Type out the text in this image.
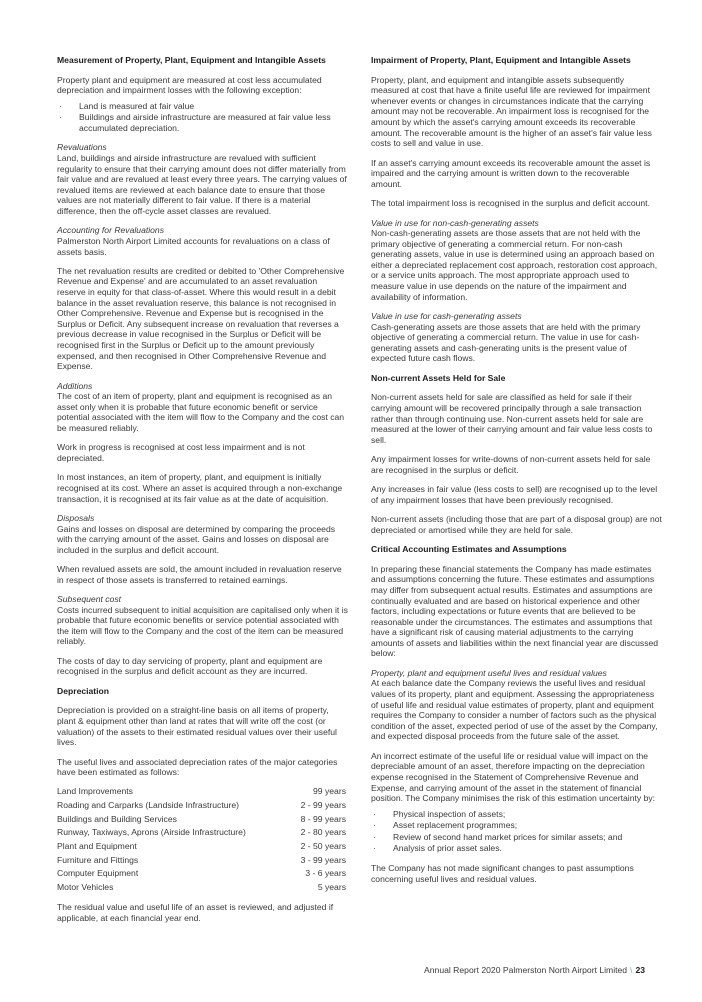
Measurement of Property, Plant, Equipment and Intangible Assets

Property plant and equipment are measured at cost less accumulated depreciation and impairment losses with the following exception:

· Land is measured at fair value
· Buildings and airside infrastructure are measured at fair value less accumulated depreciation.
Revaluations

Land, buildings and airside infrastructure are revalued with sufficient regularity to ensure that their carrying amount does not differ materially from fair value and are revalued at least every three years. The carrying values of revalued items are reviewed at each balance date to ensure that those values are not materially different to fair value. If there is a material difference, then the off-cycle asset classes are revalued.

Accounting for Revaluations

Palmerston North Airport Limited accounts for revaluations on a class of assets basis.

The net revaluation results are credited or debited to 'Other Comprehensive Revenue and Expense' and are accumulated to an asset revaluation reserve in equity for that class-of-asset. Where this would result in a debit balance in the asset revaluation reserve, this balance is not recognised in Other Comprehensive. Revenue and Expense but is recognised in the Surplus or Deficit. Any subsequent increase on revaluation that reverses a previous decrease in value recognised in the Surplus or Deficit will be recognised first in the Surplus or Deficit up to the amount previously expensed, and then recognised in Other Comprehensive Revenue and Expense.

Additions

The cost of an item of property, plant and equipment is recognised as an asset only when it is probable that future economic benefit or service potential associated with the item will flow to the Company and the cost can be measured reliably.

Work in progress is recognised at cost less impairment and is not depreciated.

In most instances, an item of property, plant, and equipment is initially recognised at its cost. Where an asset is acquired through a non-exchange transaction, it is recognised at its fair value as at the date of acquisition.

Disposals

Gains and losses on disposal are determined by comparing the proceeds with the carrying amount of the asset. Gains and losses on disposal are included in the surplus and deficit account.

When revalued assets are sold, the amount included in revaluation reserve in respect of those assets is transferred to retained earnings.

Subsequent cost

Costs incurred subsequent to initial acquisition are capitalised only when it is probable that future economic benefits or service potential associated with the item will flow to the Company and the cost of the item can be measured reliably.

The costs of day to day servicing of property, plant and equipment are recognised in the surplus and deficit account as they are incurred.

Depreciation

Depreciation is provided on a straight-line basis on all items of property, plant & equipment other than land at rates that will write off the cost (or valuation) of the assets to their estimated residual values over their useful lives.

The useful lives and associated depreciation rates of the major categories have been estimated as follows:

Land Improvements	99 years
Roading and Carparks (Landside Infrastructure)	2 - 99 years
Buildings and Building Services	8 - 99 years
Runway, Taxiways, Aprons (Airside Infrastructure)	2 - 80 years
Plant and Equipment	2 - 50 years
Furniture and Fittings	3 - 99 years
Computer Equipment	3 - 6 years
Motor Vehicles	5 years

The residual value and useful life of an asset is reviewed, and adjusted if applicable, at each financial year end.

Impairment of Property, Plant, Equipment and Intangible Assets

Property, plant, and equipment and intangible assets subsequently measured at cost that have a finite useful life are reviewed for impairment whenever events or changes in circumstances indicate that the carrying amount may not be recoverable. An impairment loss is recognised for the amount by which the asset's carrying amount exceeds its recoverable amount. The recoverable amount is the higher of an asset's fair value less costs to sell and value in use.

If an asset's carrying amount exceeds its recoverable amount the asset is impaired and the carrying amount is written down to the recoverable amount.

The total impairment loss is recognised in the surplus and deficit account.

Value in use for non-cash-generating assets

Non-cash-generating assets are those assets that are not held with the primary objective of generating a commercial return. For non-cash generating assets, value in use is determined using an approach based on either a depreciated replacement cost approach, restoration cost approach, or a service units approach. The most appropriate approach used to measure value in use depends on the nature of the impairment and availability of information.

Value in use for cash-generating assets

Cash-generating assets are those assets that are held with the primary objective of generating a commercial return. The value in use for cash-generating assets and cash-generating units is the present value of expected future cash flows.

Non-current Assets Held for Sale

Non-current assets held for sale are classified as held for sale if their carrying amount will be recovered principally through a sale transaction rather than through continuing use. Non-current assets held for sale are measured at the lower of their carrying amount and fair value less costs to sell.

Any impairment losses for write-downs of non-current assets held for sale are recognised in the surplus or deficit.

Any increases in fair value (less costs to sell) are recognised up to the level of any impairment losses that have been previously recognised.

Non-current assets (including those that are part of a disposal group) are not depreciated or amortised while they are held for sale.

Critical Accounting Estimates and Assumptions

In preparing these financial statements the Company has made estimates and assumptions concerning the future. These estimates and assumptions may differ from subsequent actual results. Estimates and assumptions are continually evaluated and are based on historical experience and other factors, including expectations or future events that are believed to be reasonable under the circumstances. The estimates and assumptions that have a significant risk of causing material adjustments to the carrying amounts of assets and liabilities within the next financial year are discussed below:

Property, plant and equipment useful lives and residual values

At each balance date the Company reviews the useful lives and residual values of its property, plant and equipment. Assessing the appropriateness of useful life and residual value estimates of property, plant and equipment requires the Company to consider a number of factors such as the physical condition of the asset, expected period of use of the asset by the Company, and expected disposal proceeds from the future sale of the asset.

An incorrect estimate of the useful life or residual value will impact on the depreciable amount of an asset, therefore impacting on the depreciation expense recognised in the Statement of Comprehensive Revenue and Expense, and carrying amount of the asset in the statement of financial position. The Company minimises the risk of this estimation uncertainty by:

· Physical inspection of assets;
· Asset replacement programmes;
· Review of second hand market prices for similar assets; and
· Analysis of prior asset sales.

The Company has not made significant changes to past assumptions concerning useful lives and residual values.

Annual Report 2020 Palmerston North Airport Limited \ 23
